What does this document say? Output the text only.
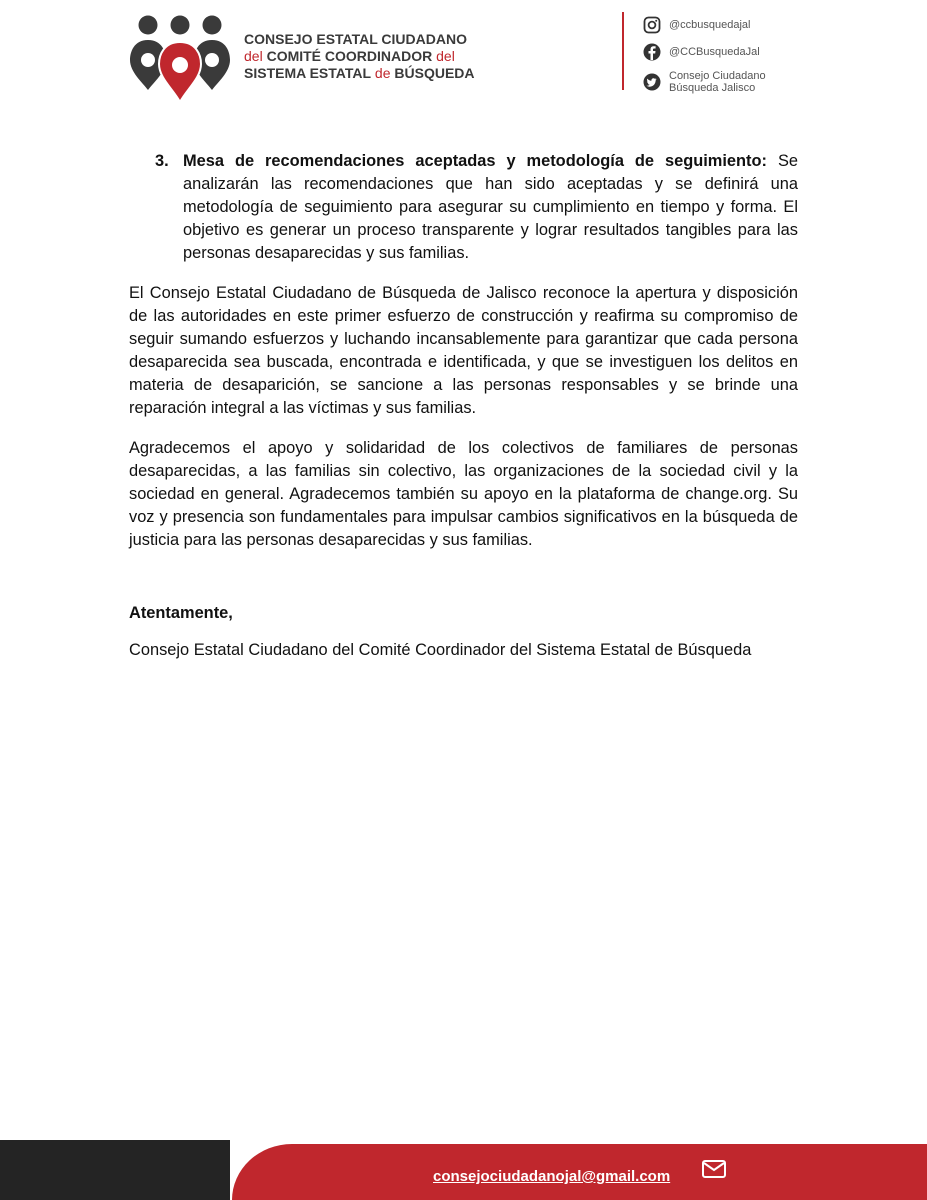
CONSEJO ESTATAL CIUDADANO
del COMITÉ COORDINADOR del
SISTEMA ESTATAL de BÚSQUEDA
@ccbusquedajal
@CCBusquedaJal
Consejo Ciudadano
Búsqueda Jalisco
3. Mesa de recomendaciones aceptadas y metodología de seguimiento: Se analizarán las recomendaciones que han sido aceptadas y se definirá una metodología de seguimiento para asegurar su cumplimiento en tiempo y forma. El objetivo es generar un proceso transparente y lograr resultados tangibles para las personas desaparecidas y sus familias.

El Consejo Estatal Ciudadano de Búsqueda de Jalisco reconoce la apertura y disposición de las autoridades en este primer esfuerzo de construcción y reafirma su compromiso de seguir sumando esfuerzos y luchando incansablemente para garantizar que cada persona desaparecida sea buscada, encontrada e identificada, y que se investiguen los delitos en materia de desaparición, se sancione a las personas responsables y se brinde una reparación integral a las víctimas y sus familias.

Agradecemos el apoyo y solidaridad de los colectivos de familiares de personas desaparecidas, a las familias sin colectivo, las organizaciones de la sociedad civil y la sociedad en general. Agradecemos también su apoyo en la plataforma de change.org. Su voz y presencia son fundamentales para impulsar cambios significativos en la búsqueda de justicia para las personas desaparecidas y sus familias.

Atentamente,
Consejo Estatal Ciudadano del Comité Coordinador del Sistema Estatal de Búsqueda
consejociudadanojal@gmail.com
